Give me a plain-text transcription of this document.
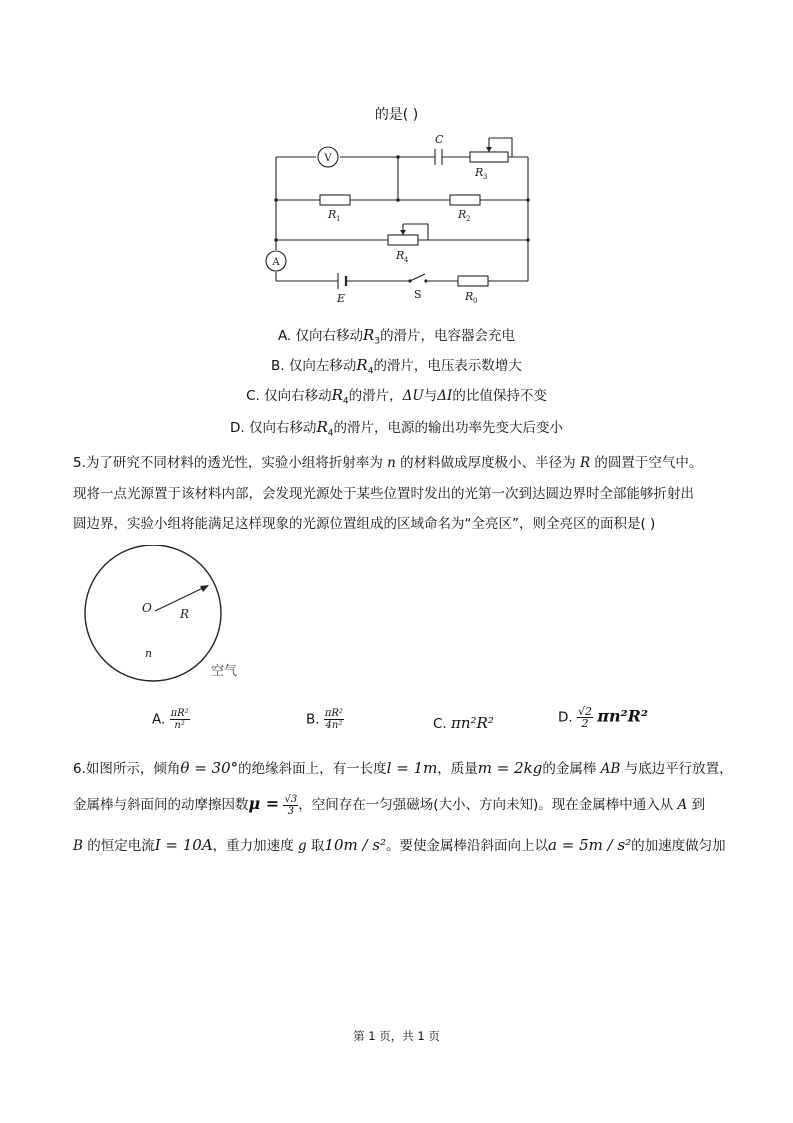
的是( )
C
R 3
R 1	R 2
R 4
E	S	R 0
V
A
A. 仅向右移动$R_3$的滑片，电容器会充电
B. 仅向左移动$R_4$的滑片，电压表示数增大
C. 仅向右移动$R_4$的滑片，ΔU与ΔI的比值保持不变
D. 仅向右移动$R_4$的滑片，电源的输出功率先变大后变小
5.为了研究不同材料的透光性，实验小组将折射率为 n 的材料做成厚度极小、半径为 R 的圆置于空气中。
现将一点光源置于该材料内部，会发现光源处于某些位置时发出的光第一次到达圆边界时全部能够折射出
圆边界，实验小组将能满足这样现象的光源位置组成的区域命名为“全亮区”，则全亮区的面积是( )
O R
n
空气
A. $\frac{\text{πR²}}{\text{n²}}$	B. $\frac{\text{πR²}}{\text{4n²}}$	C. πn²R²	D. $\frac{√2}{2} \pi n^2R^2$
6.如图所示，倾角θ = 30°的绝缘斜面上，有一长度l = 1m，质量m = 2kg的金属棒 AB 与底边平行放置，
金属棒与斜面间的动摩擦因数$\mu = \frac{√3}{3}$ ，空间存在一匀强磁场(大小、方向未知)。现在金属棒中通入从 A 到
B 的恒定电流I = 10A，重力加速度 g 取10m / s²。要使金属棒沿斜面向上以a = 5m / s²的加速度做匀加
第 1 页，共 1 页
